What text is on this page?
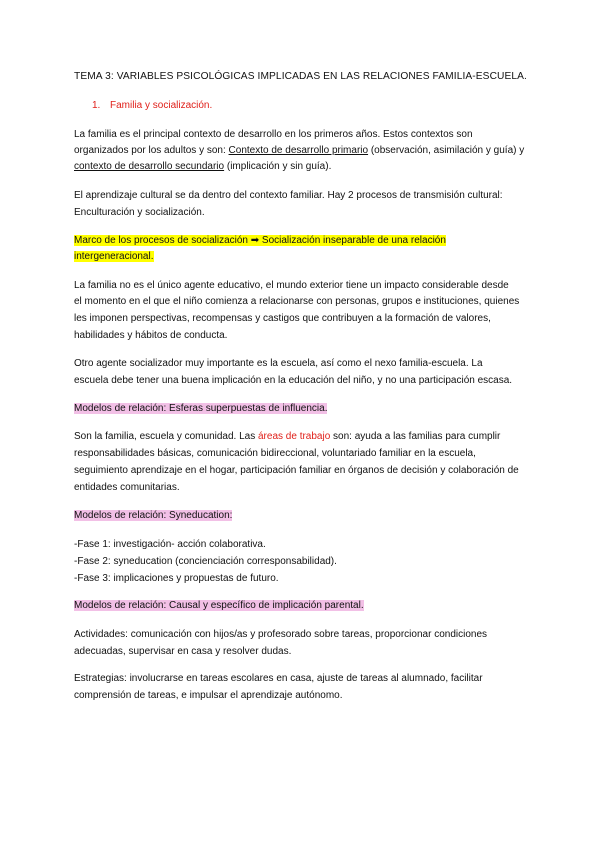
TEMA 3: VARIABLES PSICOLÓGICAS IMPLICADAS EN LAS RELACIONES FAMILIA-ESCUELA.
1. Familia y socialización.
La familia es el principal contexto de desarrollo en los primeros años. Estos contextos son
organizados por los adultos y son: Contexto de desarrollo primario (observación, asimilación y guía) y
contexto de desarrollo secundario (implicación y sin guía).
El aprendizaje cultural se da dentro del contexto familiar. Hay 2 procesos de transmisión cultural:
Enculturación y socialización.
Marco de los procesos de socialización ➡ Socialización inseparable de una relación
intergeneracional.
La familia no es el único agente educativo, el mundo exterior tiene un impacto considerable desde
el momento en el que el niño comienza a relacionarse con personas, grupos e instituciones, quienes
les imponen perspectivas, recompensas y castigos que contribuyen a la formación de valores,
habilidades y hábitos de conducta.
Otro agente socializador muy importante es la escuela, así como el nexo familia-escuela. La
escuela debe tener una buena implicación en la educación del niño, y no una participación escasa.
Modelos de relación: Esferas superpuestas de influencia.
Son la familia, escuela y comunidad. Las áreas de trabajo son: ayuda a las familias para cumplir
responsabilidades básicas, comunicación bidireccional, voluntariado familiar en la escuela,
seguimiento aprendizaje en el hogar, participación familiar en órganos de decisión y colaboración de
entidades comunitarias.
Modelos de relación: Syneducation:
-Fase 1: investigación- acción colaborativa.
-Fase 2: syneducation (concienciación corresponsabilidad).
-Fase 3: implicaciones y propuestas de futuro.
Modelos de relación: Causal y específico de implicación parental.
Actividades: comunicación con hijos/as y profesorado sobre tareas, proporcionar condiciones
adecuadas, supervisar en casa y resolver dudas.
Estrategias: involucrarse en tareas escolares en casa, ajuste de tareas al alumnado, facilitar
comprensión de tareas, e impulsar el aprendizaje autónomo.
